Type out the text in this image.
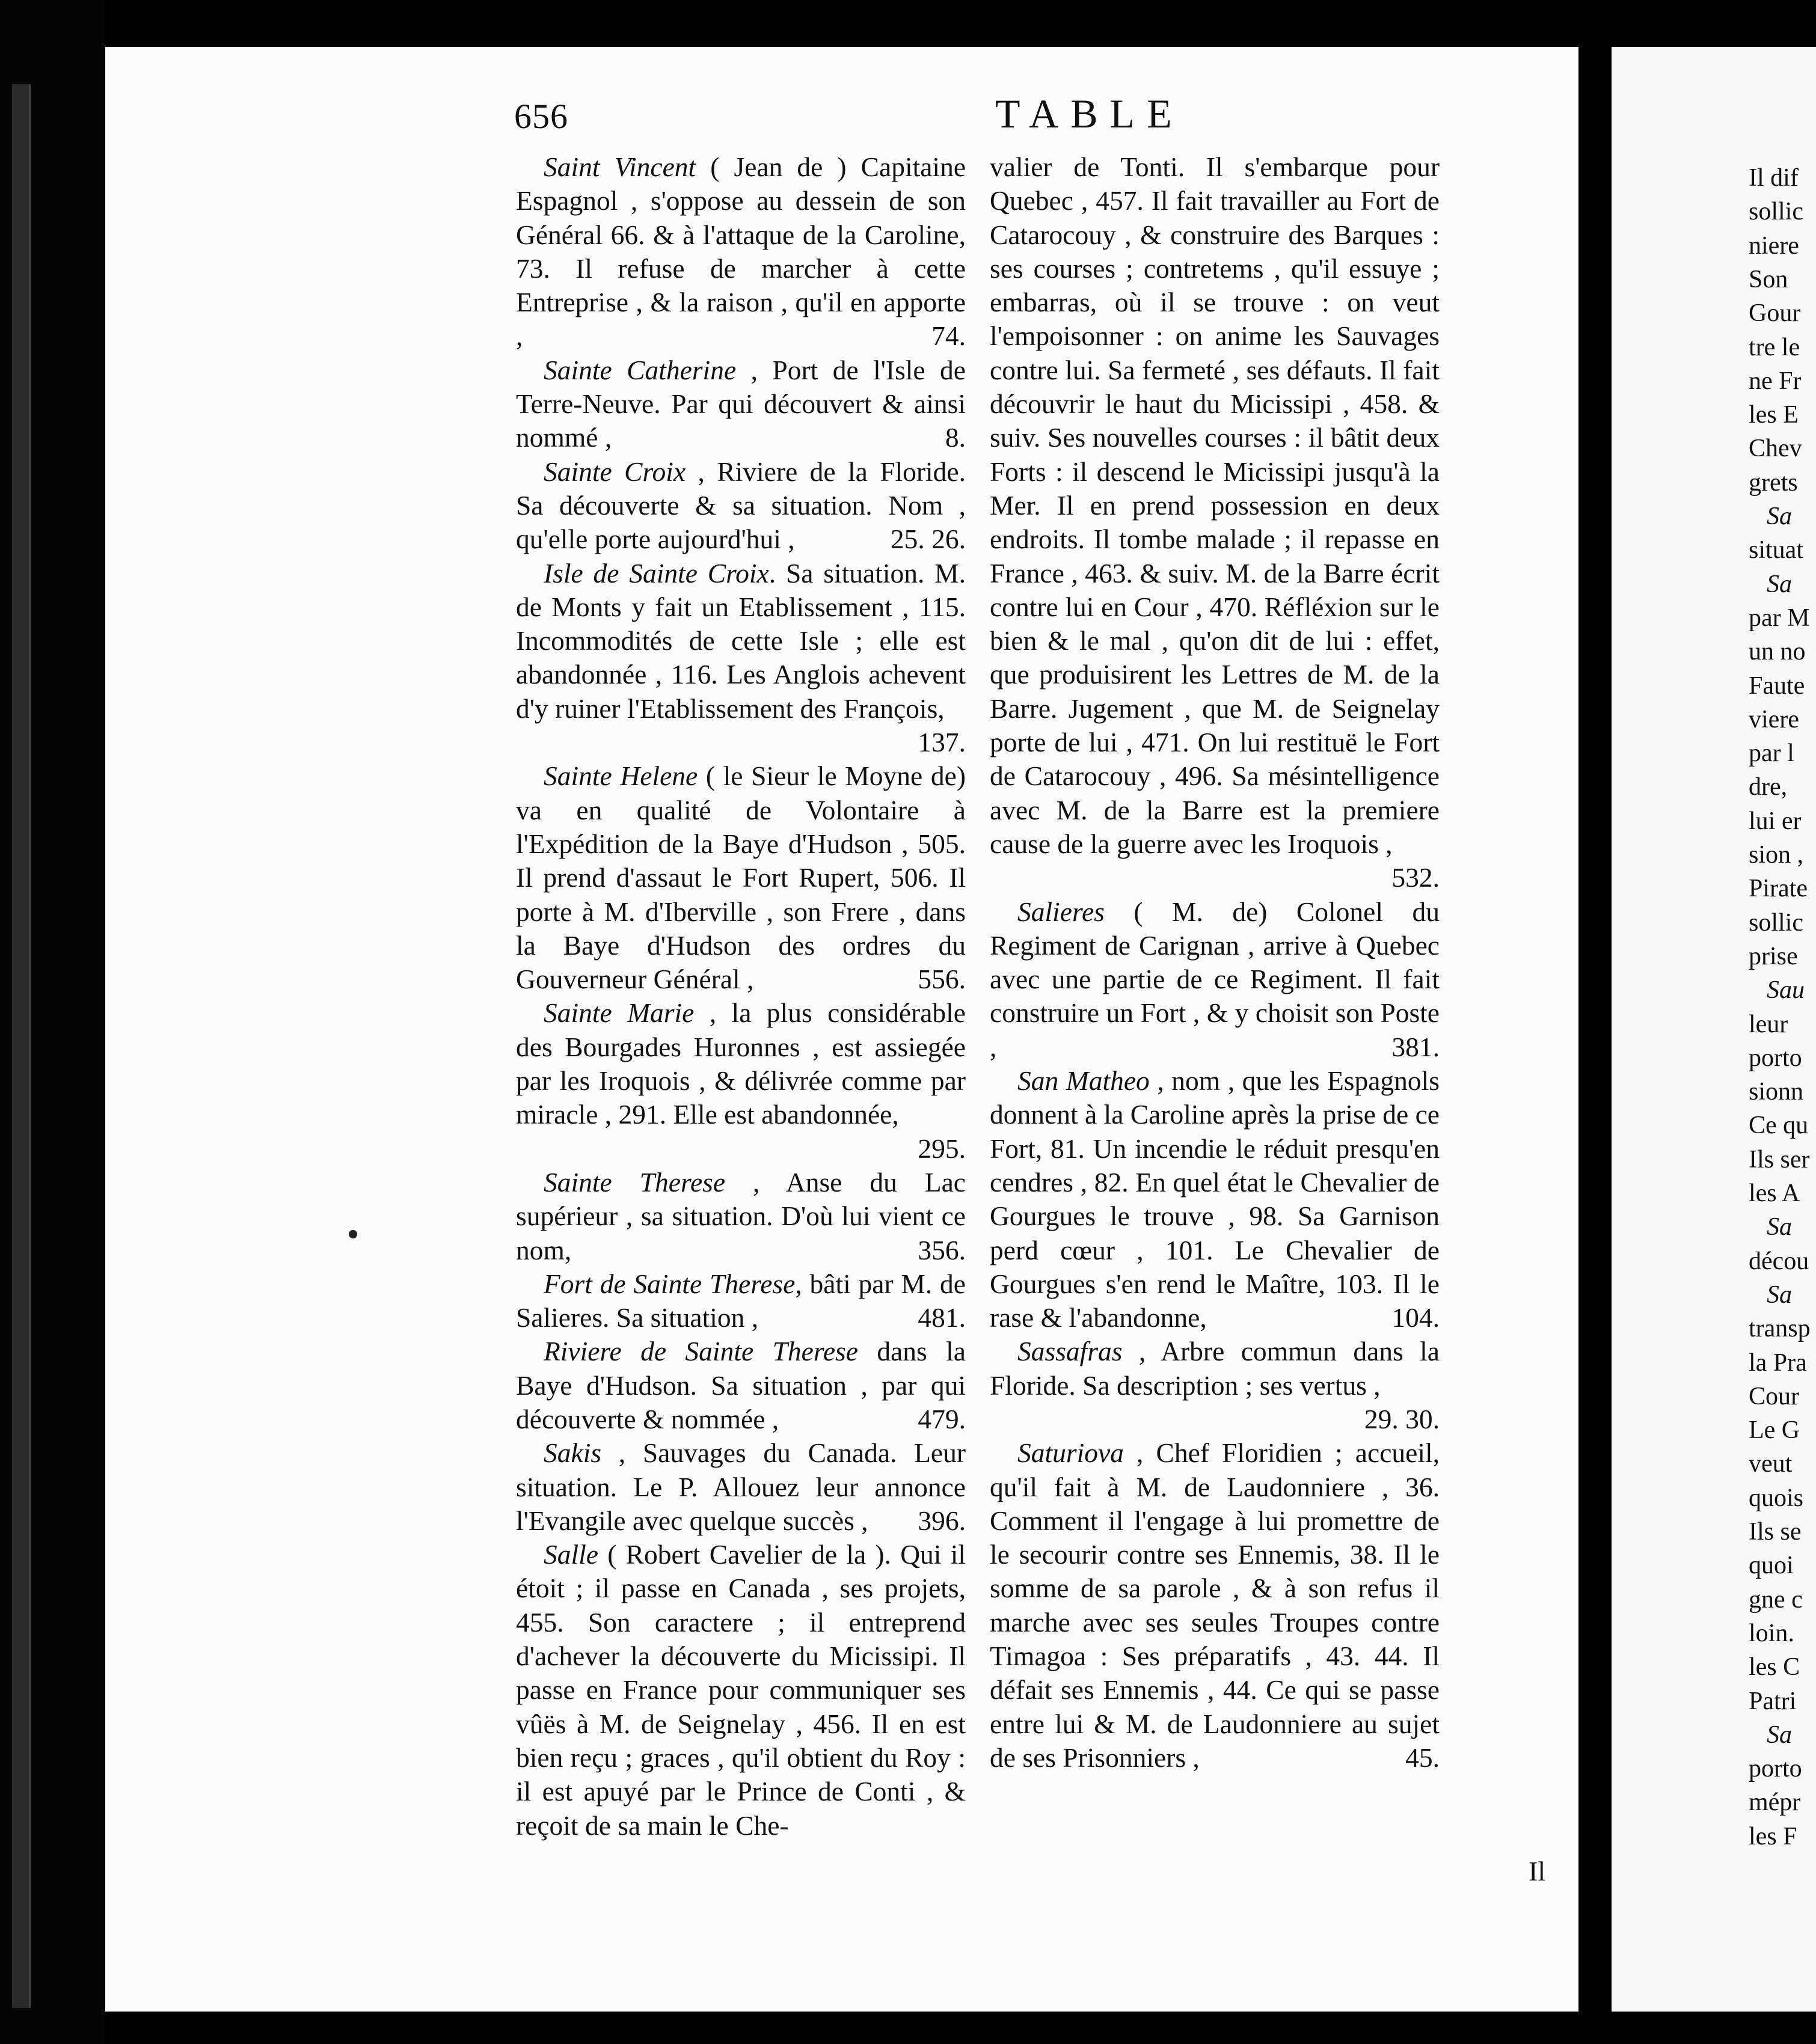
656	TABLE
Il

Saint Vincent ( Jean de ) Capitaine Espagnol , s'oppose au dessein de son Général 66. & à l'attaque de la Caroline, 73. Il refuse de marcher à cette Entreprise , & la raison , qu'il en apporte ,	74.

Sainte Catherine , Port de l'Isle de Terre-Neuve. Par qui découvert & ainsi nommé ,	8.

Sainte Croix , Riviere de la Floride. Sa découverte & sa situation. Nom , qu'elle porte aujourd'hui ,	25. 26.

Isle de Sainte Croix. Sa situation. M. de Monts y fait un Etablissement , 115. Incommodités de cette Isle ; elle est abandonnée , 116. Les Anglois achevent d'y ruiner l'Etablissement des François,
137.

Sainte Helene ( le Sieur le Moyne de) va en qualité de Volontaire à l'Expédition de la Baye d'Hudson , 505. Il prend d'assaut le Fort Rupert, 506. Il porte à M. d'Iberville , son Frere , dans la Baye d'Hudson des ordres du Gouverneur Général ,	556.

Sainte Marie , la plus considérable des Bourgades Huronnes , est assiegée par les Iroquois , & délivrée comme par miracle , 291. Elle est abandonnée,
295.

Sainte Therese , Anse du Lac supérieur , sa situation. D'où lui vient ce nom,	356.

Fort de Sainte Therese, bâti par M. de Salieres. Sa situation ,	481.

Riviere de Sainte Therese dans la Baye d'Hudson. Sa situation , par qui découverte & nommée ,	479.

Sakis , Sauvages du Canada. Leur situation. Le P. Allouez leur annonce l'Evangile avec quelque succès ,	396.

Salle ( Robert Cavelier de la ). Qui il étoit ; il passe en Canada , ses projets, 455. Son caractere ; il entreprend d'achever la découverte du Micissipi. Il passe en France pour communiquer ses vûës à M. de Seignelay , 456. Il en est bien reçu ; graces , qu'il obtient du Roy : il est apuyé par le Prince de Conti , & reçoit de sa main le Che-

valier de Tonti. Il s'embarque pour Quebec , 457. Il fait travailler au Fort de Catarocouy , & construire des Barques : ses courses ; contretems , qu'il essuye ; embarras, où il se trouve : on veut l'empoisonner : on anime les Sauvages contre lui. Sa fermeté , ses défauts. Il fait découvrir le haut du Micissipi , 458. & suiv. Ses nouvelles courses : il bâtit deux Forts : il descend le Micissipi jusqu'à la Mer. Il en prend possession en deux endroits. Il tombe malade ; il repasse en France , 463. & suiv. M. de la Barre écrit contre lui en Cour , 470. Réfléxion sur le bien & le mal , qu'on dit de lui : effet, que produisirent les Lettres de M. de la Barre. Jugement , que M. de Seignelay porte de lui , 471. On lui restituë le Fort de Catarocouy , 496. Sa mésintelligence avec M. de la Barre est la premiere cause de la guerre avec les Iroquois ,
532.

Salieres ( M. de) Colonel du Regiment de Carignan , arrive à Quebec avec une partie de ce Regiment. Il fait construire un Fort , & y choisit son Poste ,	381.

San Matheo , nom , que les Espagnols donnent à la Caroline après la prise de ce Fort, 81. Un incendie le réduit presqu'en cendres , 82. En quel état le Chevalier de Gourgues le trouve , 98. Sa Garnison perd cœur , 101. Le Chevalier de Gourgues s'en rend le Maître, 103. Il le rase & l'abandonne,	104.

Sassafras , Arbre commun dans la Floride. Sa description ; ses vertus ,
29. 30.

Saturiova , Chef Floridien ; accueil, qu'il fait à M. de Laudonniere , 36. Comment il l'engage à lui promettre de le secourir contre ses Ennemis, 38. Il le somme de sa parole , & à son refus il marche avec ses seules Troupes contre Timagoa : Ses préparatifs , 43. 44. Il défait ses Ennemis , 44. Ce qui se passe entre lui & M. de Laudonniere au sujet de ses Prisonniers ,	45.

Il dif
sollic
niere
Son
Gour
tre le
ne Fr
les E
Chev
grets
Sa
situat
Sa
par M
un no
Faute
viere
par l
dre,
lui er
sion ,
Pirate
sollic
prise
Sau
leur
porto
sionn
Ce qu
Ils ser
les A
Sa
décou
Sa
transp
la Pra
Cour
Le G
veut
quois
Ils se
quoi
gne c
loin.
les C
Patri
Sa
porto
mépr
les F
